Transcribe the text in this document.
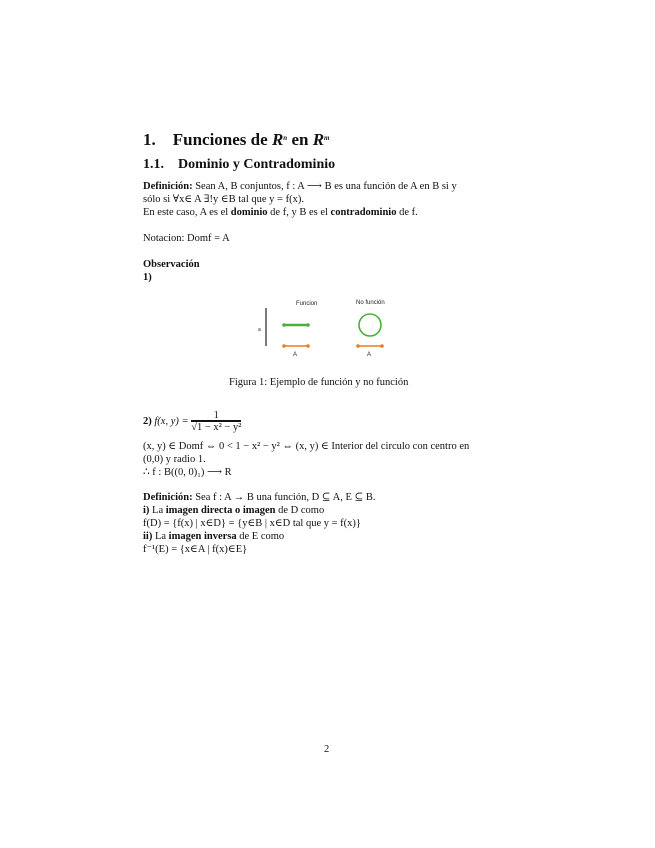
1. Funciones de $R^n$ en $R^m$
1.1. Dominio y Contradominio
Definición: Sean A, B conjuntos, f : A ⟶ B es una función de A en B si y
sólo si ∀x∈ A ∃!y ∈B tal que y = f(x).
En este caso, A es el dominio de f, y B es el contradominio de f.
Notacion: Domf = A
Observación
1)
a
Funcion	No función
A	A
Figura 1: Ejemplo de función y no función
2) f(x, $y) = \frac{1}{\text{√1 − x² − y²}}$
(x, y) ∈ Domf ⇔ 0 < 1 − x² − y² ⇔ (x, y) ∈ Interior del circulo con centro en
(0,0) y radio 1.
∴ f : B((0, 0)₁) ⟶ R
Definición: Sea f : A → B una función, D ⊆ A, E ⊆ B.
i) La imagen directa o imagen de D como
f(D) = {f(x) | x∈D} = {y∈B | x∈D tal que y = f(x)}
ii) La imagen inversa de E como
f⁻¹(E) = {x∈A | f(x)∈E}
2
